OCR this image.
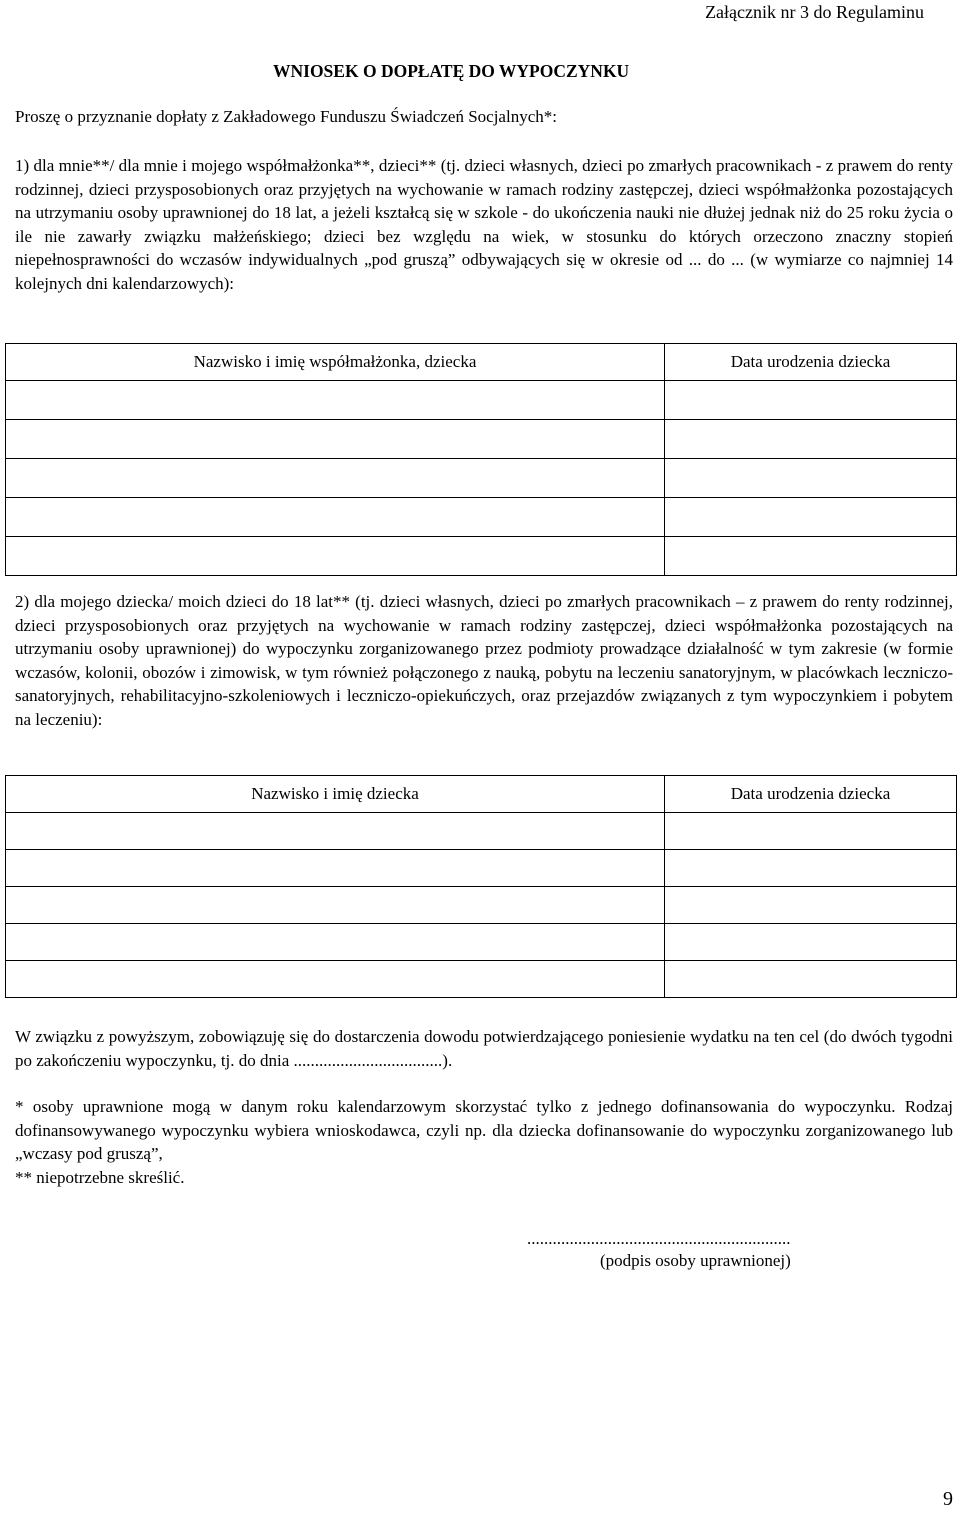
Załącznik nr 3 do Regulaminu
WNIOSEK O DOPŁATĘ DO WYPOCZYNKU
Proszę o przyznanie dopłaty z Zakładowego Funduszu Świadczeń Socjalnych*:

1) dla mnie**/ dla mnie i mojego współmałżonka**, dzieci** (tj. dzieci własnych, dzieci po zmarłych pracownikach - z prawem do renty rodzinnej, dzieci przysposobionych oraz przyjętych na wychowanie w ramach rodziny zastępczej, dzieci współmałżonka pozostających na utrzymaniu osoby uprawnionej do 18 lat, a jeżeli kształcą się w szkole - do ukończenia nauki nie dłużej jednak niż do 25 roku życia o ile nie zawarły związku małżeńskiego; dzieci bez względu na wiek, w stosunku do których orzeczono znaczny stopień niepełnosprawności do wczasów indywidualnych „pod gruszą” odbywających się w okresie od ... do ... (w wymiarze co najmniej 14 kolejnych dni kalendarzowych):

Nazwisko i imię współmałżonka, dziecka	Data urodzenia dziecka

2) dla mojego dziecka/ moich dzieci do 18 lat** (tj. dzieci własnych, dzieci po zmarłych pracownikach – z prawem do renty rodzinnej, dzieci przysposobionych oraz przyjętych na wychowanie w ramach rodziny zastępczej, dzieci współmałżonka pozostających na utrzymaniu osoby uprawnionej) do wypoczynku zorganizowanego przez podmioty prowadzące działalność w tym zakresie (w formie wczasów, kolonii, obozów i zimowisk, w tym również połączonego z nauką, pobytu na leczeniu sanatoryjnym, w placówkach leczniczo-sanatoryjnych, rehabilitacyjno-szkoleniowych i leczniczo-opiekuńczych, oraz przejazdów związanych z tym wypoczynkiem i pobytem na leczeniu):

Nazwisko i imię dziecka	Data urodzenia dziecka

W związku z powyższym, zobowiązuję się do dostarczenia dowodu potwierdzającego poniesienie wydatku na ten cel (do dwóch tygodni po zakończeniu wypoczynku, tj. do dnia ...................................).

* osoby uprawnione mogą w danym roku kalendarzowym skorzystać tylko z jednego dofinansowania do wypoczynku. Rodzaj dofinansowywanego wypoczynku wybiera wnioskodawca, czyli np. dla dziecka dofinansowanie do wypoczynku zorganizowanego lub „wczasy pod gruszą”,

** niepotrzebne skreślić.

..............................................................
(podpis osoby uprawnionej)
9
